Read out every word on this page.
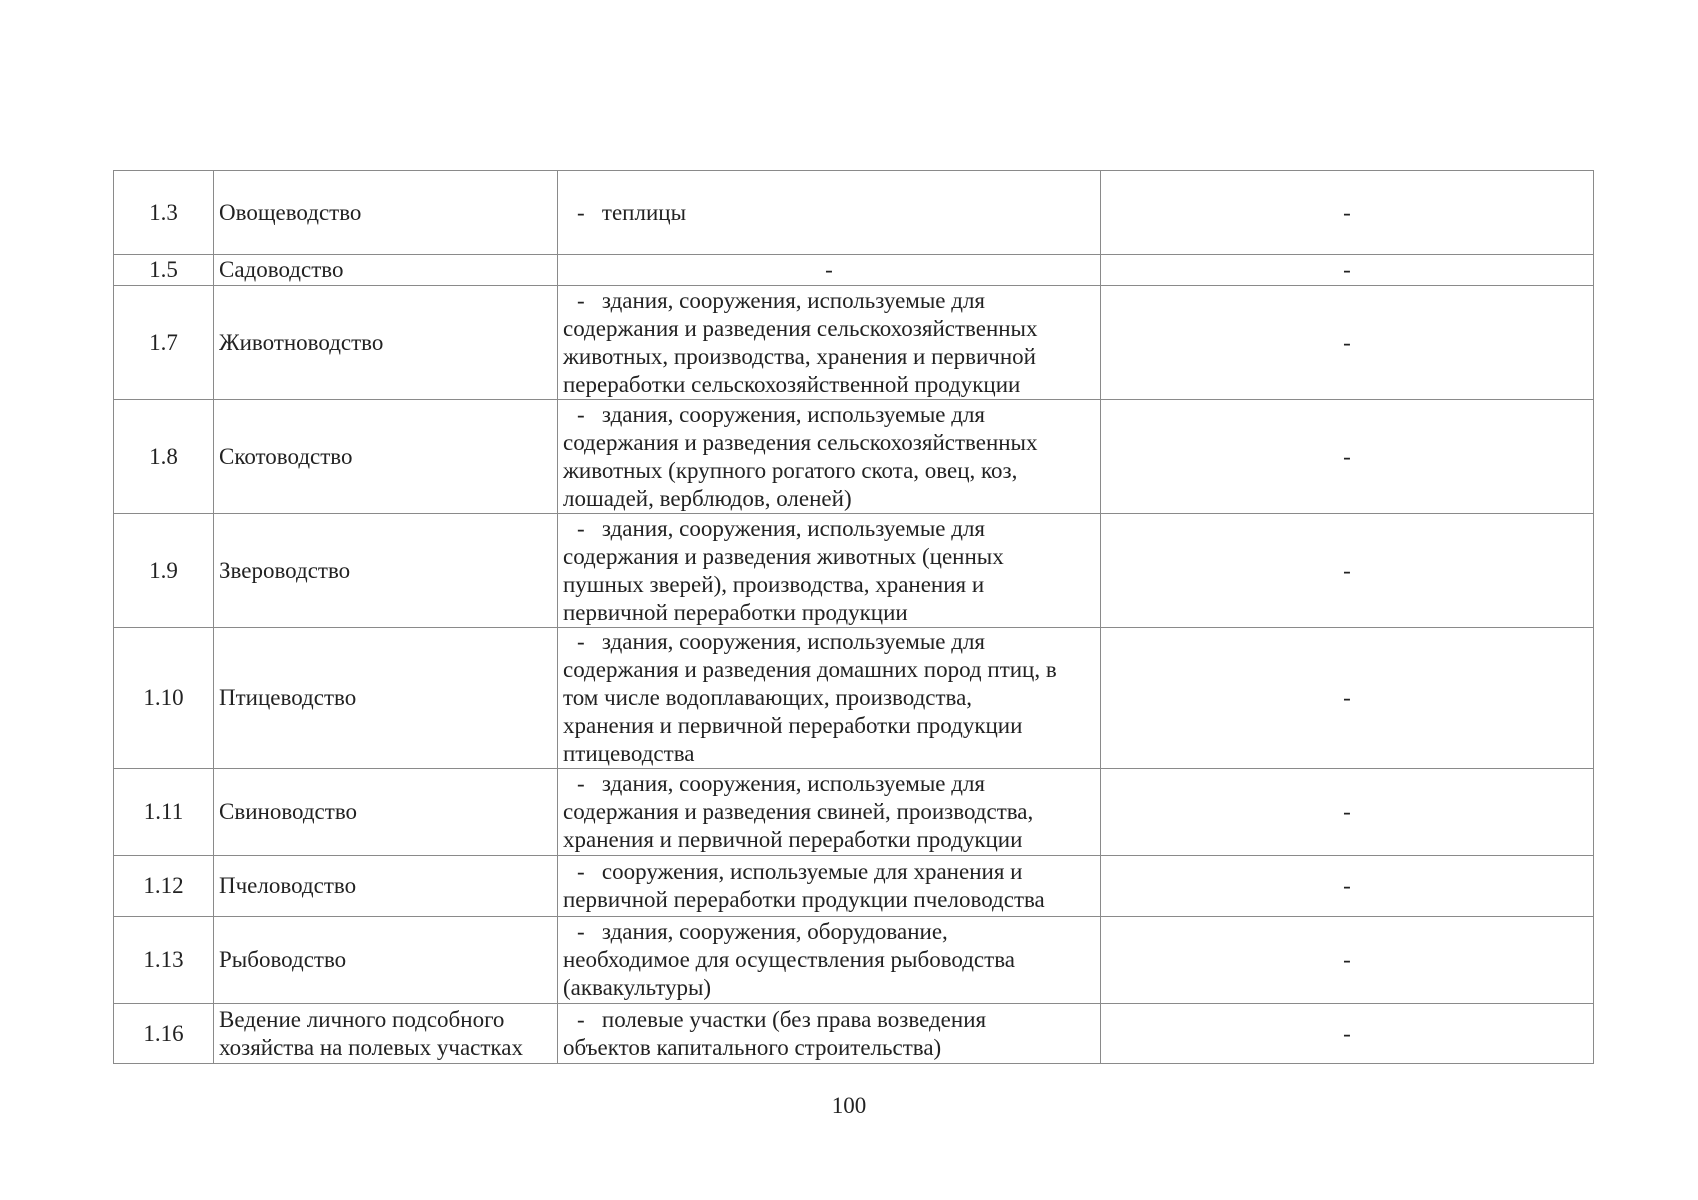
1.3	Овощеводство	-   теплицы	-
1.5	Садоводство	-	-
1.7	Животноводство	-   здания, сооружения, используемые для
содержания и разведения сельскохозяйственных
животных, производства, хранения и первичной
переработки сельскохозяйственной продукции	-
1.8	Скотоводство	-   здания, сооружения, используемые для
содержания и разведения сельскохозяйственных
животных (крупного рогатого скота, овец, коз,
лошадей, верблюдов, оленей)	-
1.9	Звероводство	-   здания, сооружения, используемые для
содержания и разведения животных (ценных
пушных зверей), производства, хранения и
первичной переработки продукции	-
1.10	Птицеводство	-   здания, сооружения, используемые для
содержания и разведения домашних пород птиц, в
том числе водоплавающих, производства,
хранения и первичной переработки продукции
птицеводства	-
1.11	Свиноводство	-   здания, сооружения, используемые для
содержания и разведения свиней, производства,
хранения и первичной переработки продукции	-
1.12	Пчеловодство	-   сооружения, используемые для хранения и
первичной переработки продукции пчеловодства	-
1.13	Рыбоводство	-   здания, сооружения, оборудование,
необходимое для осуществления рыбоводства
(аквакультуры)	-
1.16	Ведение личного подсобного хозяйства на полевых участках	-   полевые участки (без права возведения
объектов капитального строительства)	-
100
